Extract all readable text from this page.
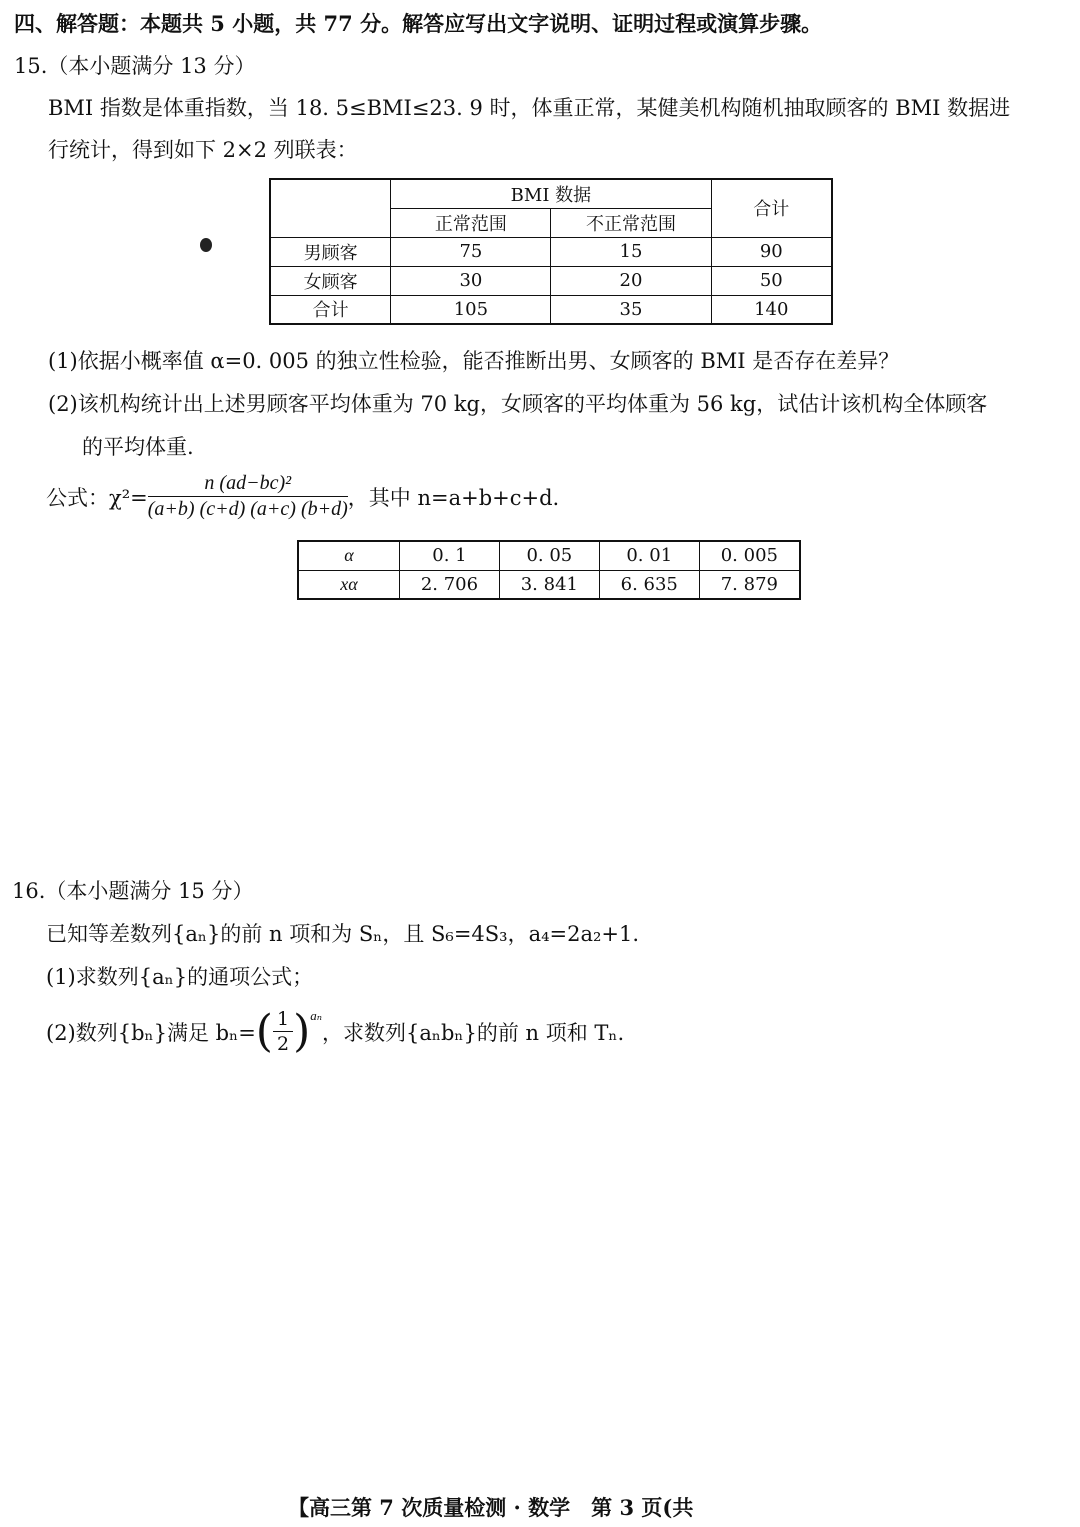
四、解答题：本题共 5 小题，共 77 分。解答应写出文字说明、证明过程或演算步骤。
15.（本小题满分 13 分）
BMI 指数是体重指数，当 18. 5≤BMI≤23. 9 时，体重正常，某健美机构随机抽取顾客的 BMI 数据进
行统计，得到如下 2×2 列联表：
	BMI 数据		合计
	正常范围	不正常范围	
男顾客	75	15	90
女顾客	30	20	50
合计	105	35	140
(1)依据小概率值 α=0. 005 的独立性检验，能否推断出男、女顾客的 BMI 是否存在差异？
(2)该机构统计出上述男顾客平均体重为 70 kg，女顾客的平均体重为 56 kg，试估计该机构全体顾客
的平均体重.
公式：$\chi^2= \frac{\text{n (ad−bc)²}}{(a+b) (c+d) (a+c) (b+d)}$ ，其中 n=a+b+c+d.
α	0. 1	0. 05	0. 01	0. 005
xα	2. 706	3. 841	6. 635	7. 879
16.（本小题满分 15 分）
已知等差数列{aₙ}的前 n 项和为 Sₙ，且 S₆=4S₃，a₄=2a₂+1.
(1)求数列{aₙ}的通项公式；
(2)数列{bₙ}满足 bₙ= ( $\frac{1}{2}$ ) aₙ
，求数列{aₙbₙ}的前 n 项和 Tₙ.
【高三第 7 次质量检测 · 数学　第 3 页(共
